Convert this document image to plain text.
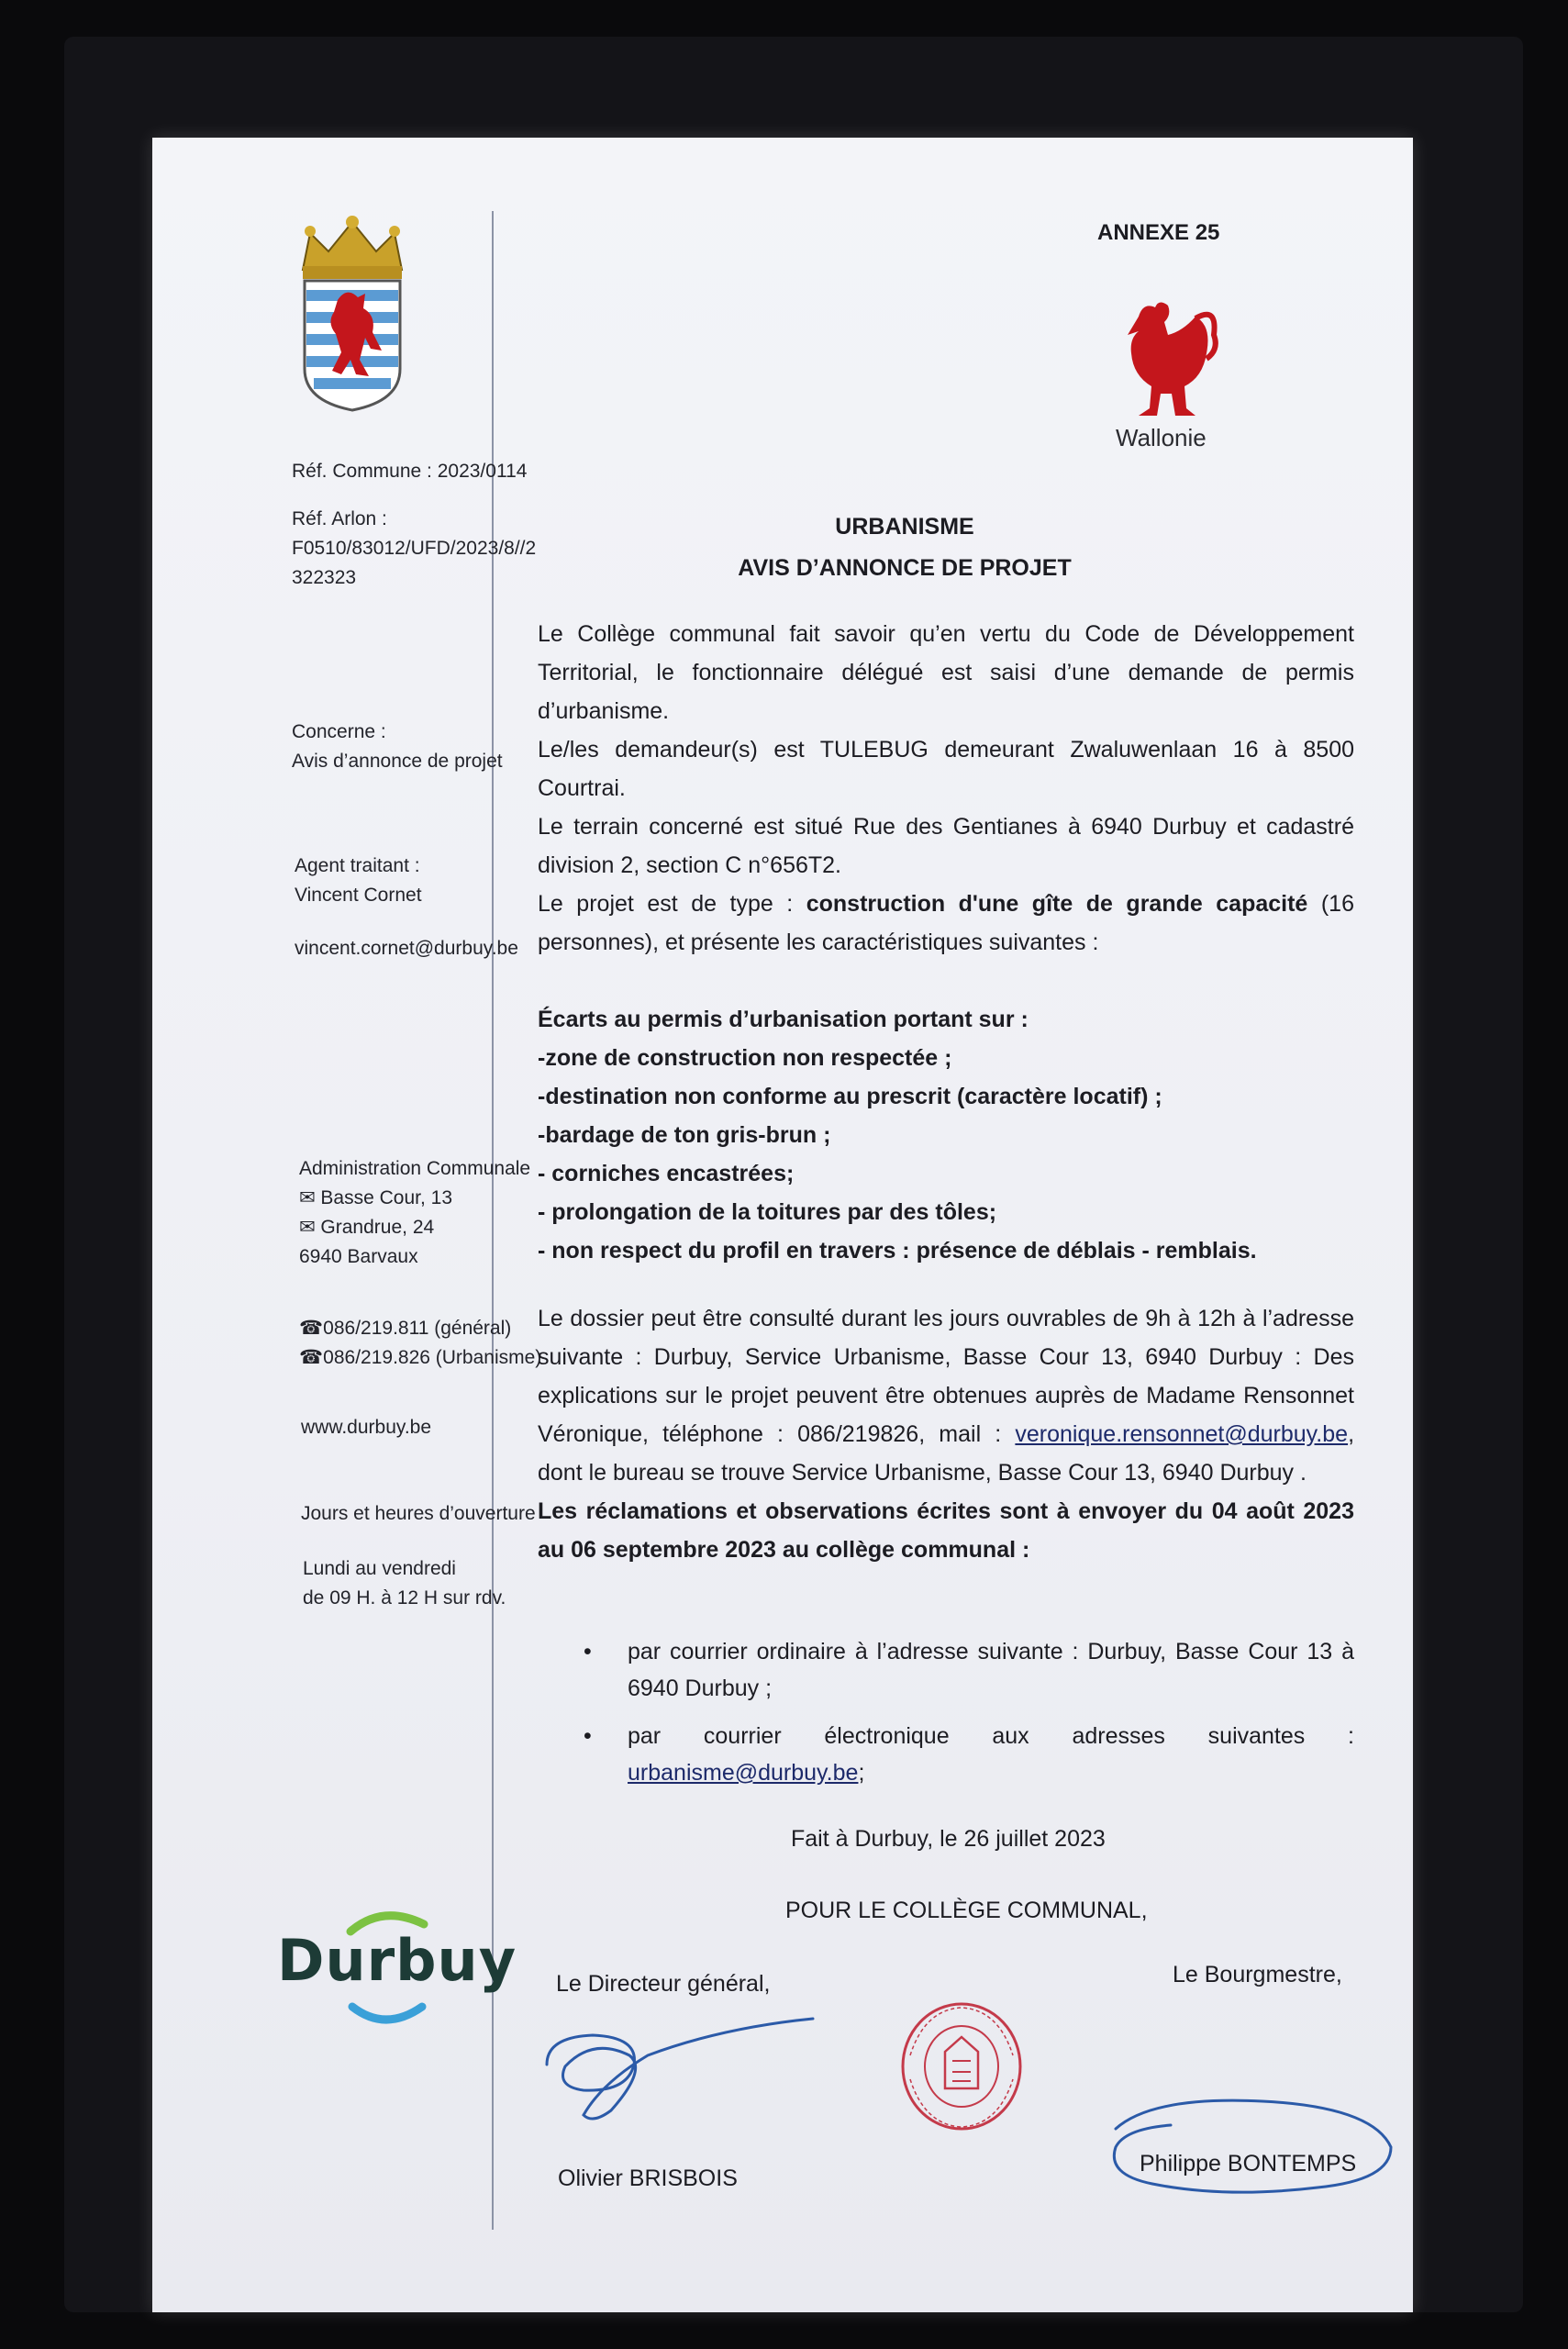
Réf. Commune : 2023/0114
Réf. Arlon :
F0510/83012/UFD/2023/8//2
322323
Concerne :
Avis d’annonce de projet
Agent traitant :
Vincent Cornet
vincent.cornet@durbuy.be
Administration Communale
✉ Basse Cour, 13
✉ Grandrue, 24
6940 Barvaux
☎086/219.811 (général)
☎086/219.826 (Urbanisme)
www.durbuy.be
Jours et heures d’ouverture
Lundi au vendredi
de 09 H. à 12 H sur rdv.
Durbuy
ANNEXE 25
Wallonie
URBANISME
AVIS D’ANNONCE DE PROJET
Le Collège communal fait savoir qu’en vertu du Code de Développement Territorial, le fonctionnaire délégué est saisi d’une demande de permis d’urbanisme.
Le/les demandeur(s) est TULEBUG demeurant Zwaluwenlaan 16 à 8500 Courtrai.
Le terrain concerné est situé Rue des Gentianes à 6940 Durbuy et cadastré division 2, section C n°656T2.
Le projet est de type : construction d'une gîte de grande capacité (16 personnes), et présente les caractéristiques suivantes :
Écarts au permis d’urbanisation portant sur :
-zone de construction non respectée ;
-destination non conforme au prescrit (caractère locatif) ;
-bardage de ton gris-brun ;
- corniches encastrées;
- prolongation de la toitures par des tôles;
- non respect du profil en travers : présence de déblais - remblais.
Le dossier peut être consulté durant les jours ouvrables de 9h à 12h à l’adresse suivante : Durbuy, Service Urbanisme, Basse Cour 13, 6940 Durbuy : Des explications sur le projet peuvent être obtenues auprès de Madame Rensonnet Véronique, téléphone : 086/219826, mail : veronique.rensonnet@durbuy.be, dont le bureau se trouve Service Urbanisme, Basse Cour 13, 6940 Durbuy .
Les réclamations et observations écrites sont à envoyer du 04 août 2023 au 06 septembre 2023 au collège communal :
• par courrier ordinaire à l’adresse suivante : Durbuy, Basse Cour 13 à 6940 Durbuy ;
• par courrier électronique aux adresses suivantes : urbanisme@durbuy.be;
Fait à Durbuy, le 26 juillet 2023
POUR LE COLLÈGE COMMUNAL,
Le Directeur général,	Le Bourgmestre,
Olivier BRISBOIS
Philippe BONTEMPS
